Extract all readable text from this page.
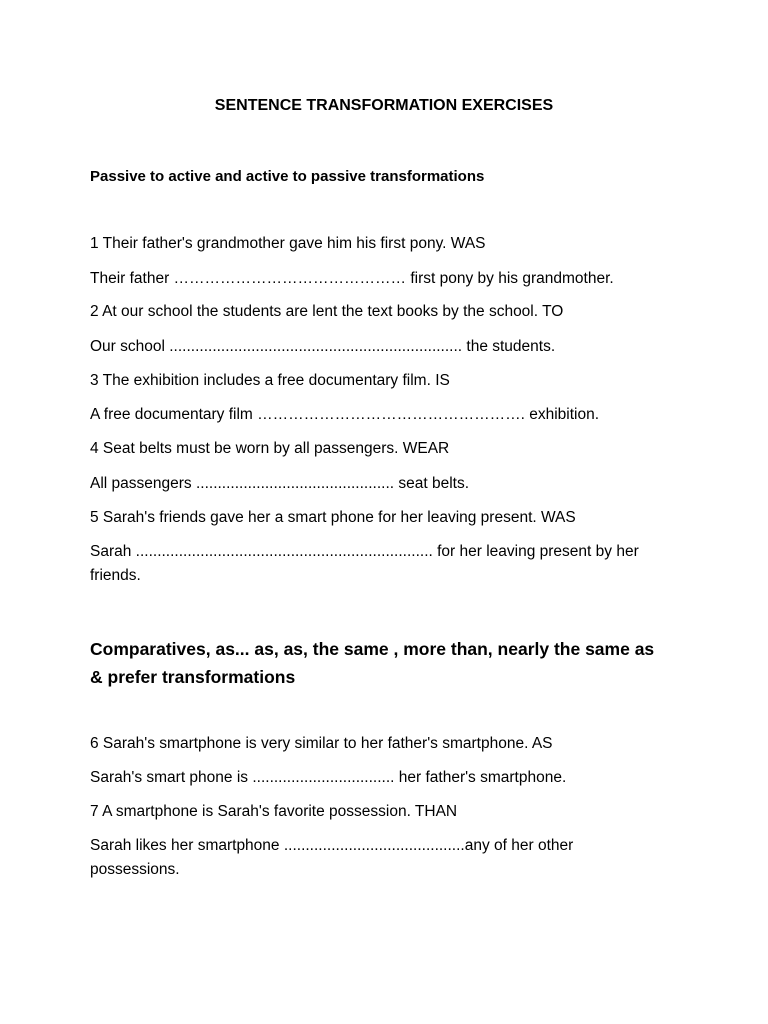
SENTENCE TRANSFORMATION EXERCISES
Passive to active and active to passive transformations
1 Their father's grandmother gave him his first pony. WAS
Their father ……………………………………… first pony by his grandmother.
2 At our school the students are lent the text books by the school. TO
Our school .................................................................... the students.
3 The exhibition includes a free documentary film. IS
A free documentary film ……………………………………………. exhibition.
4 Seat belts must be worn by all passengers. WEAR
All passengers .............................................. seat belts.
5 Sarah's friends gave her a smart phone for her leaving present. WAS
Sarah ..................................................................... for her leaving present by her friends.
Comparatives, as... as, as, the same , more than, nearly the same as
& prefer transformations
6 Sarah's smartphone is very similar to her father's smartphone. AS
Sarah's smart phone is ................................. her father's smartphone.
7 A smartphone is Sarah's favorite possession. THAN
Sarah likes her smartphone ..........................................any of her other possessions.
